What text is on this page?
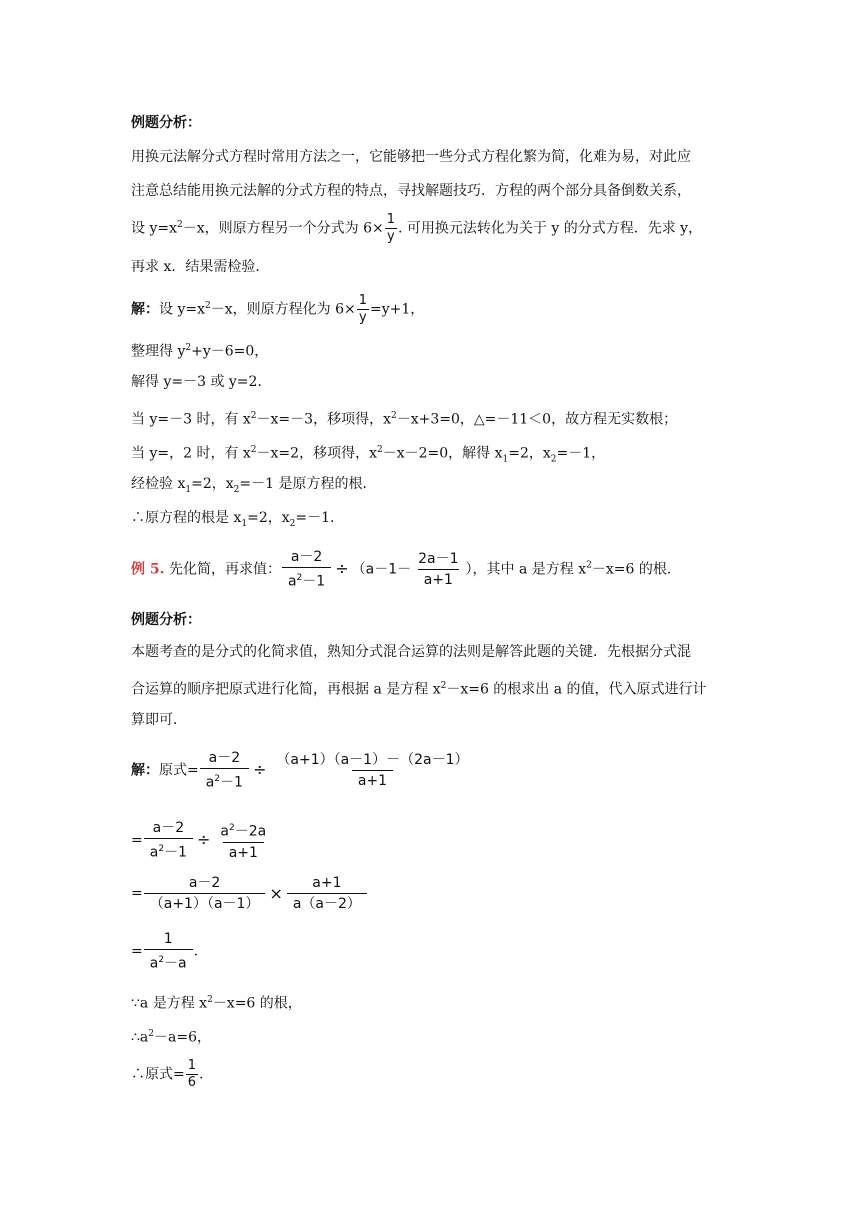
例题分析：
用换元法解分式方程时常用方法之一，它能够把一些分式方程化繁为简，化难为易，对此应
注意总结能用换元法解的分式方程的特点，寻找解题技巧．方程的两个部分具备倒数关系，
设 $y=x^2-x$，则原方程另一个分式为 $6\times \frac{1}{y}$ . 可用换元法转化为关于 y 的分式方程．先求 y，
再求 x．结果需检验．
解：设 $y=x^2-x$，则原方程化为 $6\times \frac{1}{y} =y+1$，
整理得 $y^2+y-6=0$，
解得 y=－3 或 y=2．
当 y=－3 时，有 $x^2-x=-3$，移项得，$x^2-x+3=0$，△=－11＜0，故方程无实数根；
当 y=，2 时，有 $x^2-x=2$，移项得，$x^2-x-2=0$，解得 $x_1=2$，$x_2=-1$，
经检验 $x_1=2$，$x_2=-1$ 是原方程的根．
∴原方程的根是 $x_1=2$，$x_2=-1$．
例 5. 先化简，再求值： $\frac{a-2}{a^2-1} \div (a-1- \frac{2a-1}{a+1}$ ），其中 a 是方程 $x^2-x=6$ 的根．
例题分析：
本题考查的是分式的化简求值，熟知分式混合运算的法则是解答此题的关键．先根据分式混
合运算的顺序把原式进行化简，再根据 a 是方程 $x^2-x=6$ 的根求出 a 的值，代入原式进行计
算即可．
解：原式= $\frac{a-2}{a^2-1} \div \frac{(a+1)(a-1)-(2a-1)}{a+1}$
= $\frac{a-2}{a^2-1} \div \frac{a^2-2a}{a+1}$
= $\frac{a-2}{(a+1)(a-1)} \times \frac{a+1}{a(a-2)}$
= $\frac{1}{a^2-a}$ .
∵a 是方程 $x^2-x=6$ 的根，
$\therefore a^2-a=6$，
∴原式= $\frac{1}{6}$ .
